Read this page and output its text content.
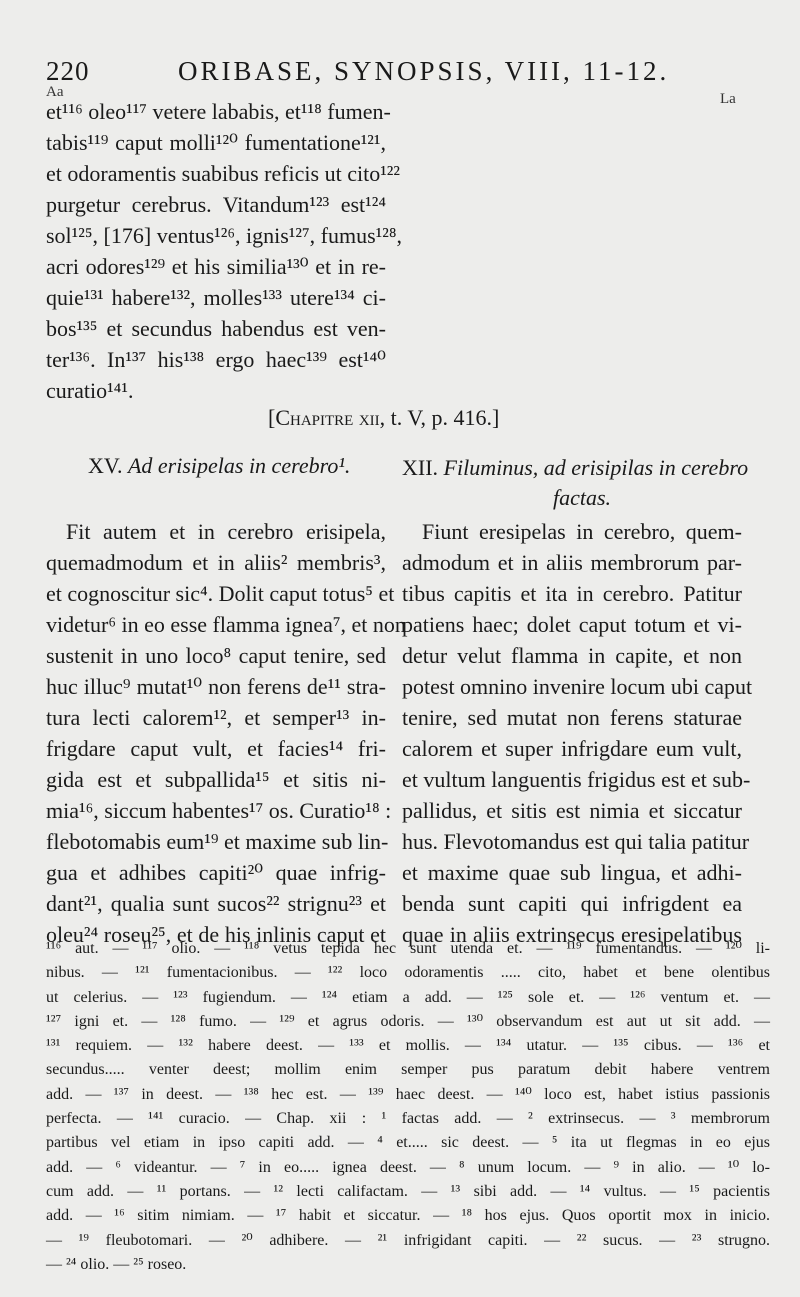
220	ORIBASE, SYNOPSIS, VIII, 11-12.
Aa	La
et¹¹⁶ oleo¹¹⁷ vetere lababis, et¹¹⁸ fumen-
tabis¹¹⁹ caput molli¹²⁰ fumentatione¹²¹,
et odoramentis suabibus reficis ut cito¹²²
purgetur cerebrus. Vitandum¹²³ est¹²⁴
sol¹²⁵, [176] ventus¹²⁶, ignis¹²⁷, fumus¹²⁸,
acri odores¹²⁹ et his similia¹³⁰ et in re-
quie¹³¹ habere¹³², molles¹³³ utere¹³⁴ ci-
bos¹³⁵ et secundus habendus est ven-
ter¹³⁶. In¹³⁷ his¹³⁸ ergo haec¹³⁹ est¹⁴⁰
curatio¹⁴¹.
[Chapitre xii, t. V, p. 416.]
XV. Ad erisipelas in cerebro¹. XII. Filuminus, ad erisipilas in cerebro
factas.
Fit autem et in cerebro erisipela,
quemadmodum et in aliis² membris³,
et cognoscitur sic⁴. Dolit caput totus⁵ et
videtur⁶ in eo esse flamma ignea⁷, et non
sustenit in uno loco⁸ caput tenire, sed
huc illuc⁹ mutat¹⁰ non ferens de¹¹ stra-
tura lecti calorem¹², et semper¹³ in-
frigdare caput vult, et facies¹⁴ fri-
gida est et subpallida¹⁵ et sitis ni-
mia¹⁶, siccum habentes¹⁷ os. Curatio¹⁸ :
flebotomabis eum¹⁹ et maxime sub lin-
gua et adhibes capiti²⁰ quae infrig-
dant²¹, qualia sunt sucos²² strignu²³ et
oleu²⁴ roseu²⁵, et de his inlinis caput et
Fiunt eresipelas in cerebro, quem-
admodum et in aliis membrorum par-
tibus capitis et ita in cerebro. Patitur
patiens haec; dolet caput totum et vi-
detur velut flamma in capite, et non
potest omnino invenire locum ubi caput
tenire, sed mutat non ferens staturae
calorem et super infrigdare eum vult,
et vultum languentis frigidus est et sub-
pallidus, et sitis est nimia et siccatur
hus. Flevotomandus est qui talia patitur
et maxime quae sub lingua, et adhi-
benda sunt capiti qui infrigdent ea
quae in aliis extrinsecus eresipelatibus
¹¹⁶ aut. — ¹¹⁷ olio. — ¹¹⁸ vetus tepida hec sunt utenda et. — ¹¹⁹ fumentandus. — ¹²⁰ li-
nibus. — ¹²¹ fumentacionibus. — ¹²² loco odoramentis ..... cito, habet et bene olentibus
ut celerius. — ¹²³ fugiendum. — ¹²⁴ etiam a add. — ¹²⁵ sole et. — ¹²⁶ ventum et. —
¹²⁷ igni et. — ¹²⁸ fumo. — ¹²⁹ et agrus odoris. — ¹³⁰ observandum est aut ut sit add. —
¹³¹ requiem. — ¹³² habere deest. — ¹³³ et mollis. — ¹³⁴ utatur. — ¹³⁵ cibus. — ¹³⁶ et
secundus..... venter deest; mollim enim semper pus paratum debit habere ventrem
add. — ¹³⁷ in deest. — ¹³⁸ hec est. — ¹³⁹ haec deest. — ¹⁴⁰ loco est, habet istius passionis
perfecta. — ¹⁴¹ curacio. — Chap. xii : ¹ factas add. — ² extrinsecus. — ³ membrorum
partibus vel etiam in ipso capiti add. — ⁴ et..... sic deest. — ⁵ ita ut flegmas in eo ejus
add. — ⁶ videantur. — ⁷ in eo..... ignea deest. — ⁸ unum locum. — ⁹ in alio. — ¹⁰ lo-
cum add. — ¹¹ portans. — ¹² lecti califactam. — ¹³ sibi add. — ¹⁴ vultus. — ¹⁵ pacientis
add. — ¹⁶ sitim nimiam. — ¹⁷ habit et siccatur. — ¹⁸ hos ejus. Quos oportit mox in inicio.
— ¹⁹ fleubotomari. — ²⁰ adhibere. — ²¹ infrigidant capiti. — ²² sucus. — ²³ strugno.
— ²⁴ olio. — ²⁵ roseo.
